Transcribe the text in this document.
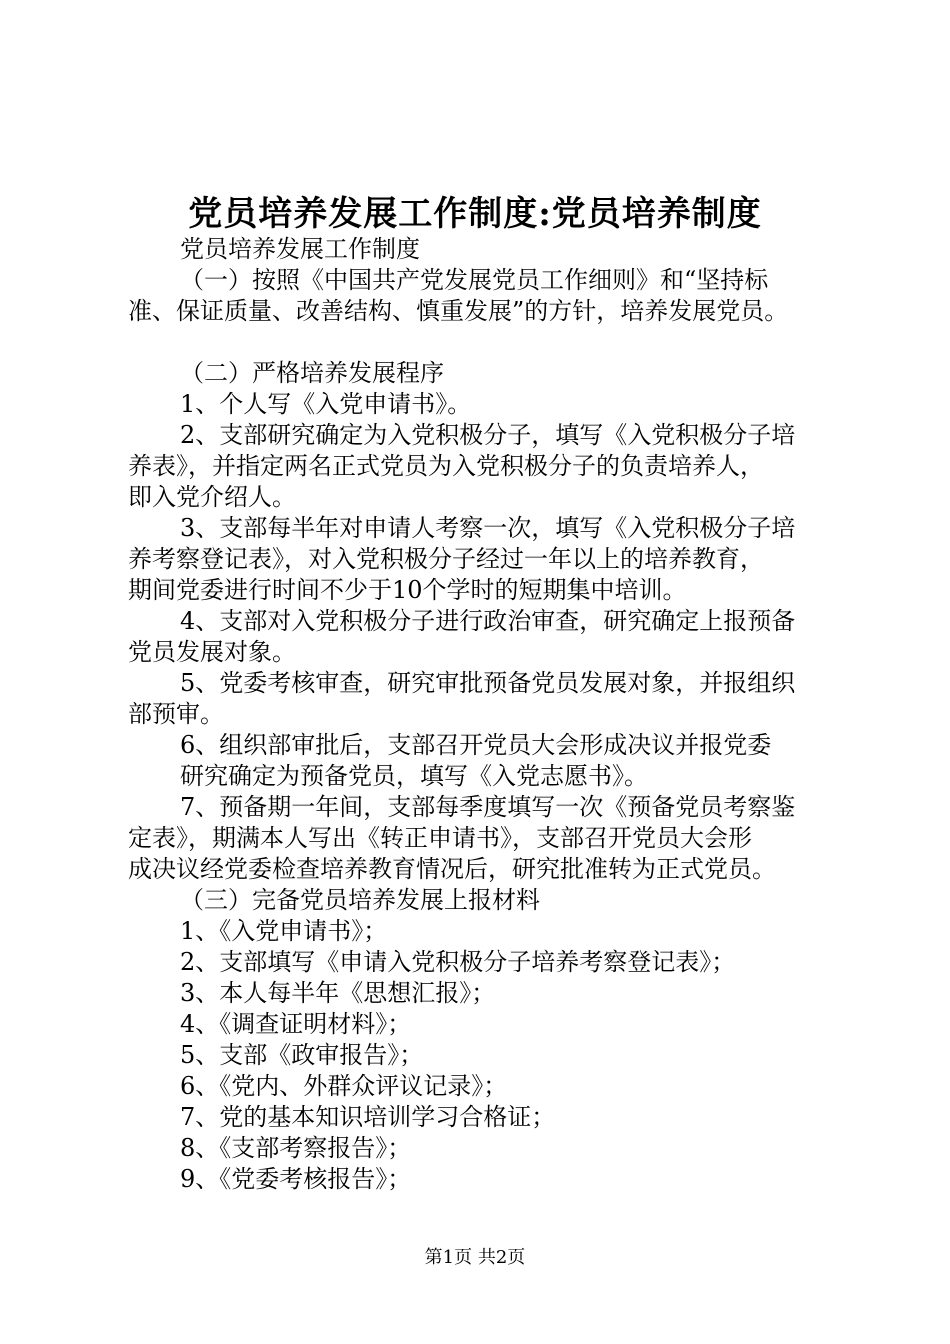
党员培养发展工作制度:党员培养制度
党员培养发展工作制度
（一）按照《中国共产党发展党员工作细则》和“坚持标
准、保证质量、改善结构、慎重发展”的方针，培养发展党员。
（二）严格培养发展程序
1、个人写《入党申请书》。
2、支部研究确定为入党积极分子，填写《入党积极分子培
养表》，并指定两名正式党员为入党积极分子的负责培养人，
即入党介绍人。
3、支部每半年对申请人考察一次，填写《入党积极分子培
养考察登记表》，对入党积极分子经过一年以上的培养教育，
期间党委进行时间不少于10个学时的短期集中培训。
4、支部对入党积极分子进行政治审查，研究确定上报预备
党员发展对象。
5、党委考核审查，研究审批预备党员发展对象，并报组织
部预审。
6、组织部审批后，支部召开党员大会形成决议并报党委
研究确定为预备党员，填写《入党志愿书》。
7、预备期一年间，支部每季度填写一次《预备党员考察鉴
定表》，期满本人写出《转正申请书》，支部召开党员大会形
成决议经党委检查培养教育情况后，研究批准转为正式党员。
（三）完备党员培养发展上报材料
1、《入党申请书》；
2、支部填写《申请入党积极分子培养考察登记表》；
3、本人每半年《思想汇报》；
4、《调查证明材料》；
5、支部《政审报告》；
6、《党内、外群众评议记录》；
7、党的基本知识培训学习合格证；
8、《支部考察报告》；
9、《党委考核报告》；
第1页 共2页
